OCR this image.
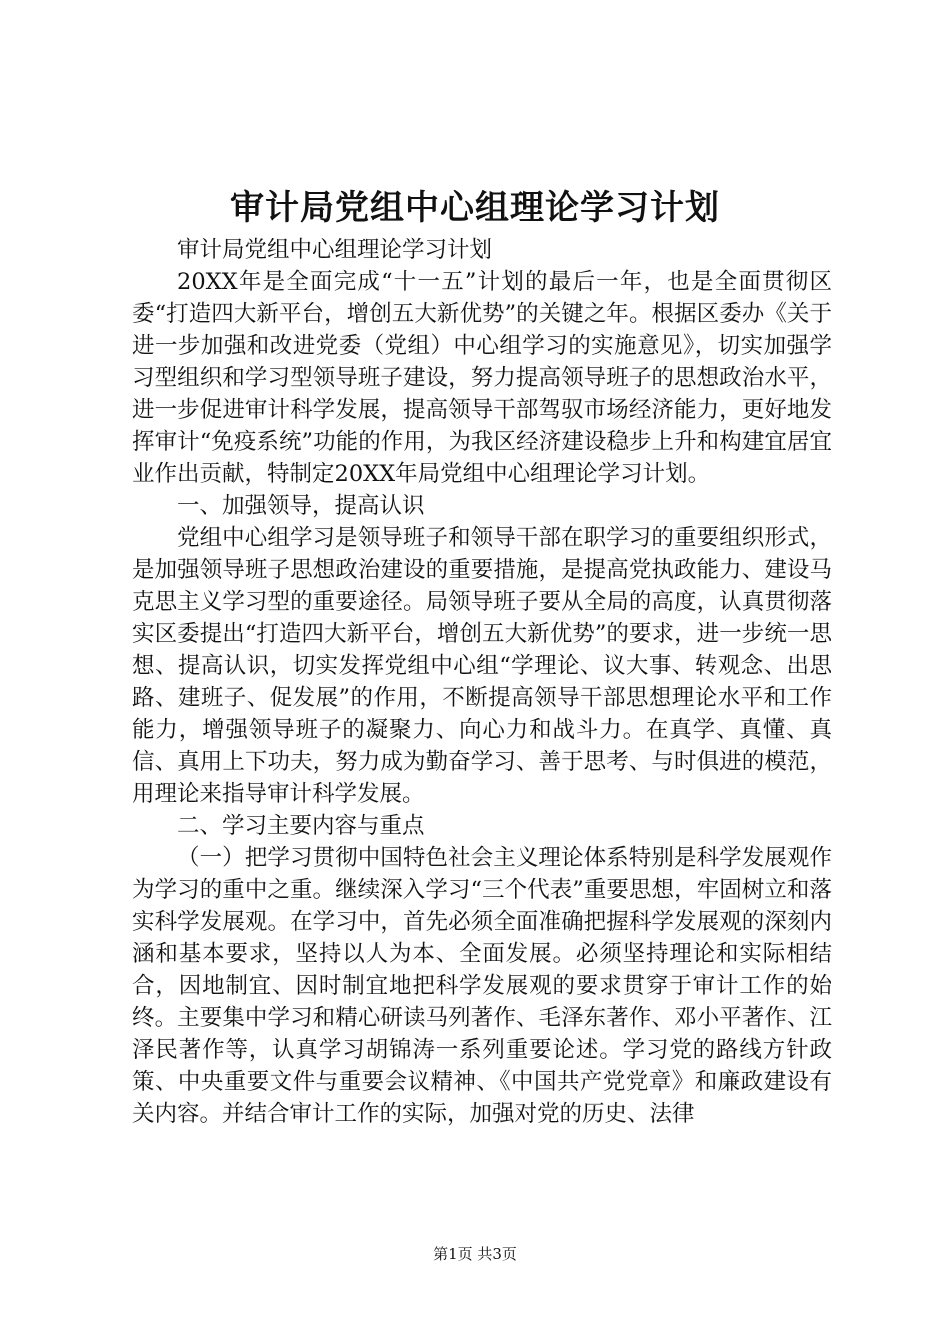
审计局党组中心组理论学习计划

审计局党组中心组理论学习计划

20XX年是全面完成“十一五”计划的最后一年，也是全面贯彻区委“打造四大新平台，增创五大新优势”的关键之年。根据区委办《关于进一步加强和改进党委（党组）中心组学习的实施意见》，切实加强学习型组织和学习型领导班子建设，努力提高领导班子的思想政治水平，进一步促进审计科学发展，提高领导干部驾驭市场经济能力，更好地发挥审计“免疫系统”功能的作用，为我区经济建设稳步上升和构建宜居宜业作出贡献，特制定20XX年局党组中心组理论学习计划。

一、加强领导，提高认识

党组中心组学习是领导班子和领导干部在职学习的重要组织形式，是加强领导班子思想政治建设的重要措施，是提高党执政能力、建设马克思主义学习型的重要途径。局领导班子要从全局的高度，认真贯彻落实区委提出“打造四大新平台，增创五大新优势”的要求，进一步统一思想、提高认识，切实发挥党组中心组“学理论、议大事、转观念、出思路、建班子、促发展”的作用，不断提高领导干部思想理论水平和工作能力，增强领导班子的凝聚力、向心力和战斗力。在真学、真懂、真信、真用上下功夫，努力成为勤奋学习、善于思考、与时俱进的模范，用理论来指导审计科学发展。

二、学习主要内容与重点

（一）把学习贯彻中国特色社会主义理论体系特别是科学发展观作为学习的重中之重。继续深入学习“三个代表”重要思想，牢固树立和落实科学发展观。在学习中，首先必须全面准确把握科学发展观的深刻内涵和基本要求，坚持以人为本、全面发展。必须坚持理论和实际相结合，因地制宜、因时制宜地把科学发展观的要求贯穿于审计工作的始终。主要集中学习和精心研读马列著作、毛泽东著作、邓小平著作、江泽民著作等，认真学习胡锦涛一系列重要论述。学习党的路线方针政策、中央重要文件与重要会议精神、《中国共产党党章》和廉政建设有关内容。并结合审计工作的实际，加强对党的历史、法律

第1页 共3页
